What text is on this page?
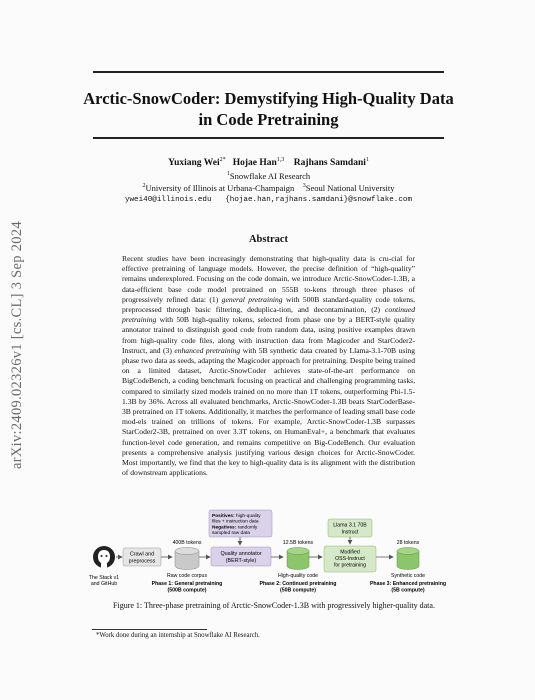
arXiv:2409.02326v1 [cs.CL] 3 Sep 2024
Arctic-SnowCoder: Demystifying High-Quality Data
in Code Pretraining
Yuxiang Wei$^{2*}$ Hojae Han$^{1,3}$ Rajhans Samdani$^1$
$^1$Snowflake AI Research
$^2$University of Illinois at Urbana-Champaign $^3$Seoul National University
ywei40@illinois.edu {hojae.han,rajhans.samdani}@snowflake.com
Abstract
Recent studies have been increasingly demonstrating that high-quality data is cru-cial for effective pretraining of language models. However, the precise definition of “high-quality” remains underexplored. Focusing on the code domain, we introduce Arctic-SnowCoder-1.3B, a data-efficient base code model pretrained on 555B to-kens through three phases of progressively refined data: (1) general pretraining with 500B standard-quality code tokens, preprocessed through basic filtering, deduplica-tion, and decontamination, (2) continued pretraining with 50B high-quality tokens, selected from phase one by a BERT-style quality annotator trained to distinguish good code from random data, using positive examples drawn from high-quality code files, along with instruction data from Magicoder and StarCoder2-Instruct, and (3) enhanced pretraining with 5B synthetic data created by Llama-3.1-70B using phase two data as seeds, adapting the Magicoder approach for pretraining. Despite being trained on a limited dataset, Arctic-SnowCoder achieves state-of-the-art performance on BigCodeBench, a coding benchmark focusing on practical and challenging programming tasks, compared to similarly sized models trained on no more than 1T tokens, outperforming Phi-1.5-1.3B by 36%. Across all evaluated benchmarks, Arctic-SnowCoder-1.3B beats StarCoderBase-3B pretrained on 1T tokens. Additionally, it matches the performance of leading small base code mod-els trained on trillions of tokens. For example, Arctic-SnowCoder-1.3B surpasses StarCoder2-3B, pretrained on over 3.3T tokens, on HumanEval+, a benchmark that evaluates function-level code generation, and remains competitive on Big-CodeBench. Our evaluation presents a comprehensive analysis justifying various design choices for Arctic-SnowCoder. Most importantly, we find that the key to high-quality data is its alignment with the distribution of downstream applications.
The Stack v1
and GitHub
Crawl and
preprocess
400B tokens
Raw code corpus
Phase 1: General pretraining
(500B compute)
Positives: high-quality
files + instruction data
Negatives: randomly
sampled raw data
Quality annotator
(BERT-style)
12.5B tokens
High-quality code
Phase 2: Continued pretraining
(50B compute)
Llama 3.1 70B
Instruct
Modified
OSS-Instruct
for pretraining
28 tokens
Synthetic code
Phase 3: Enhanced pretraining
(5B compute)
Figure 1: Three-phase pretraining of Arctic-SnowCoder-1.3B with progressively higher-quality data.
*Work done during an internship at Snowflake AI Research.
